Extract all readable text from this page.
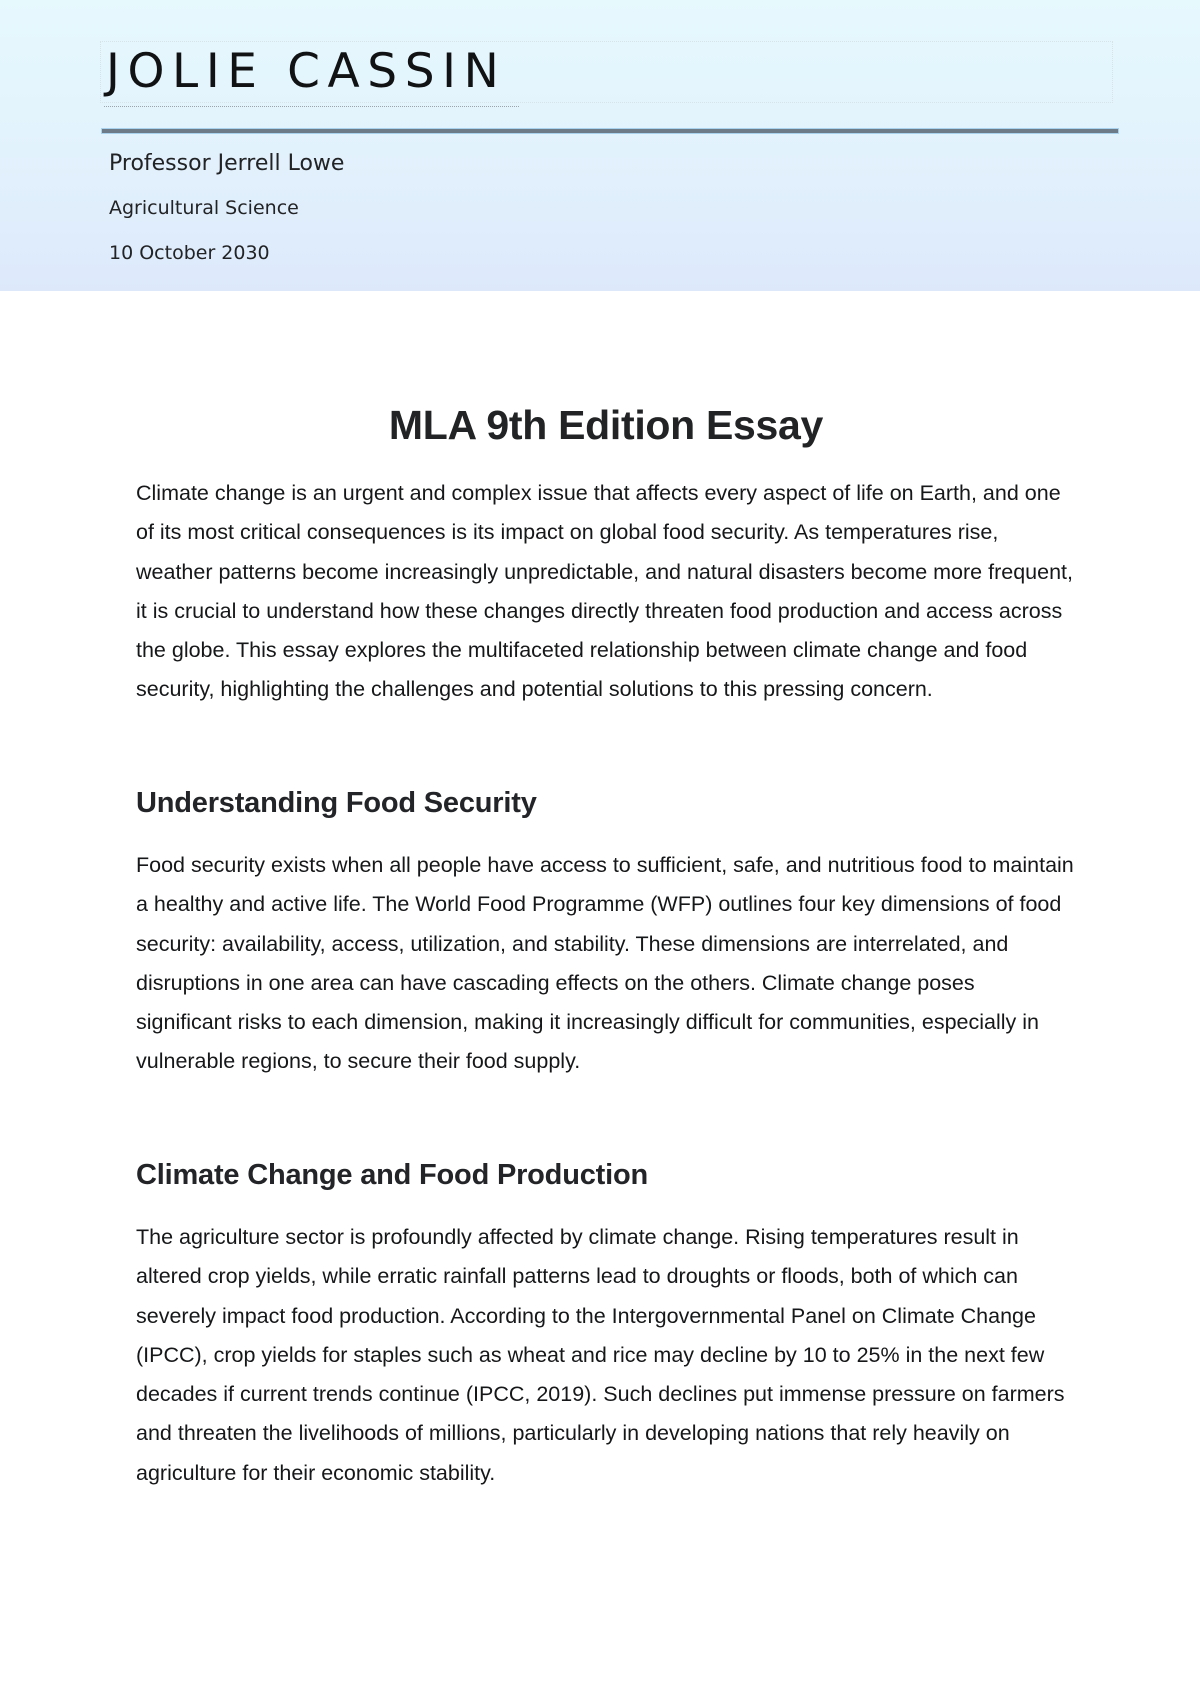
JOLIE CASSIN
Professor Jerrell Lowe
Agricultural Science
10 October 2030
MLA 9th Edition Essay

Climate change is an urgent and complex issue that affects every aspect of life on Earth, and one of its most critical consequences is its impact on global food security. As temperatures rise, weather patterns become increasingly unpredictable, and natural disasters become more frequent, it is crucial to understand how these changes directly threaten food production and access across the globe. This essay explores the multifaceted relationship between climate change and food security, highlighting the challenges and potential solutions to this pressing concern.

Understanding Food Security

Food security exists when all people have access to sufficient, safe, and nutritious food to maintain a healthy and active life. The World Food Programme (WFP) outlines four key dimensions of food security: availability, access, utilization, and stability. These dimensions are interrelated, and disruptions in one area can have cascading effects on the others. Climate change poses significant risks to each dimension, making it increasingly difficult for communities, especially in vulnerable regions, to secure their food supply.

Climate Change and Food Production

The agriculture sector is profoundly affected by climate change. Rising temperatures result in altered crop yields, while erratic rainfall patterns lead to droughts or floods, both of which can severely impact food production. According to the Intergovernmental Panel on Climate Change (IPCC), crop yields for staples such as wheat and rice may decline by 10 to 25% in the next few decades if current trends continue (IPCC, 2019). Such declines put immense pressure on farmers and threaten the livelihoods of millions, particularly in developing nations that rely heavily on agriculture for their economic stability.
